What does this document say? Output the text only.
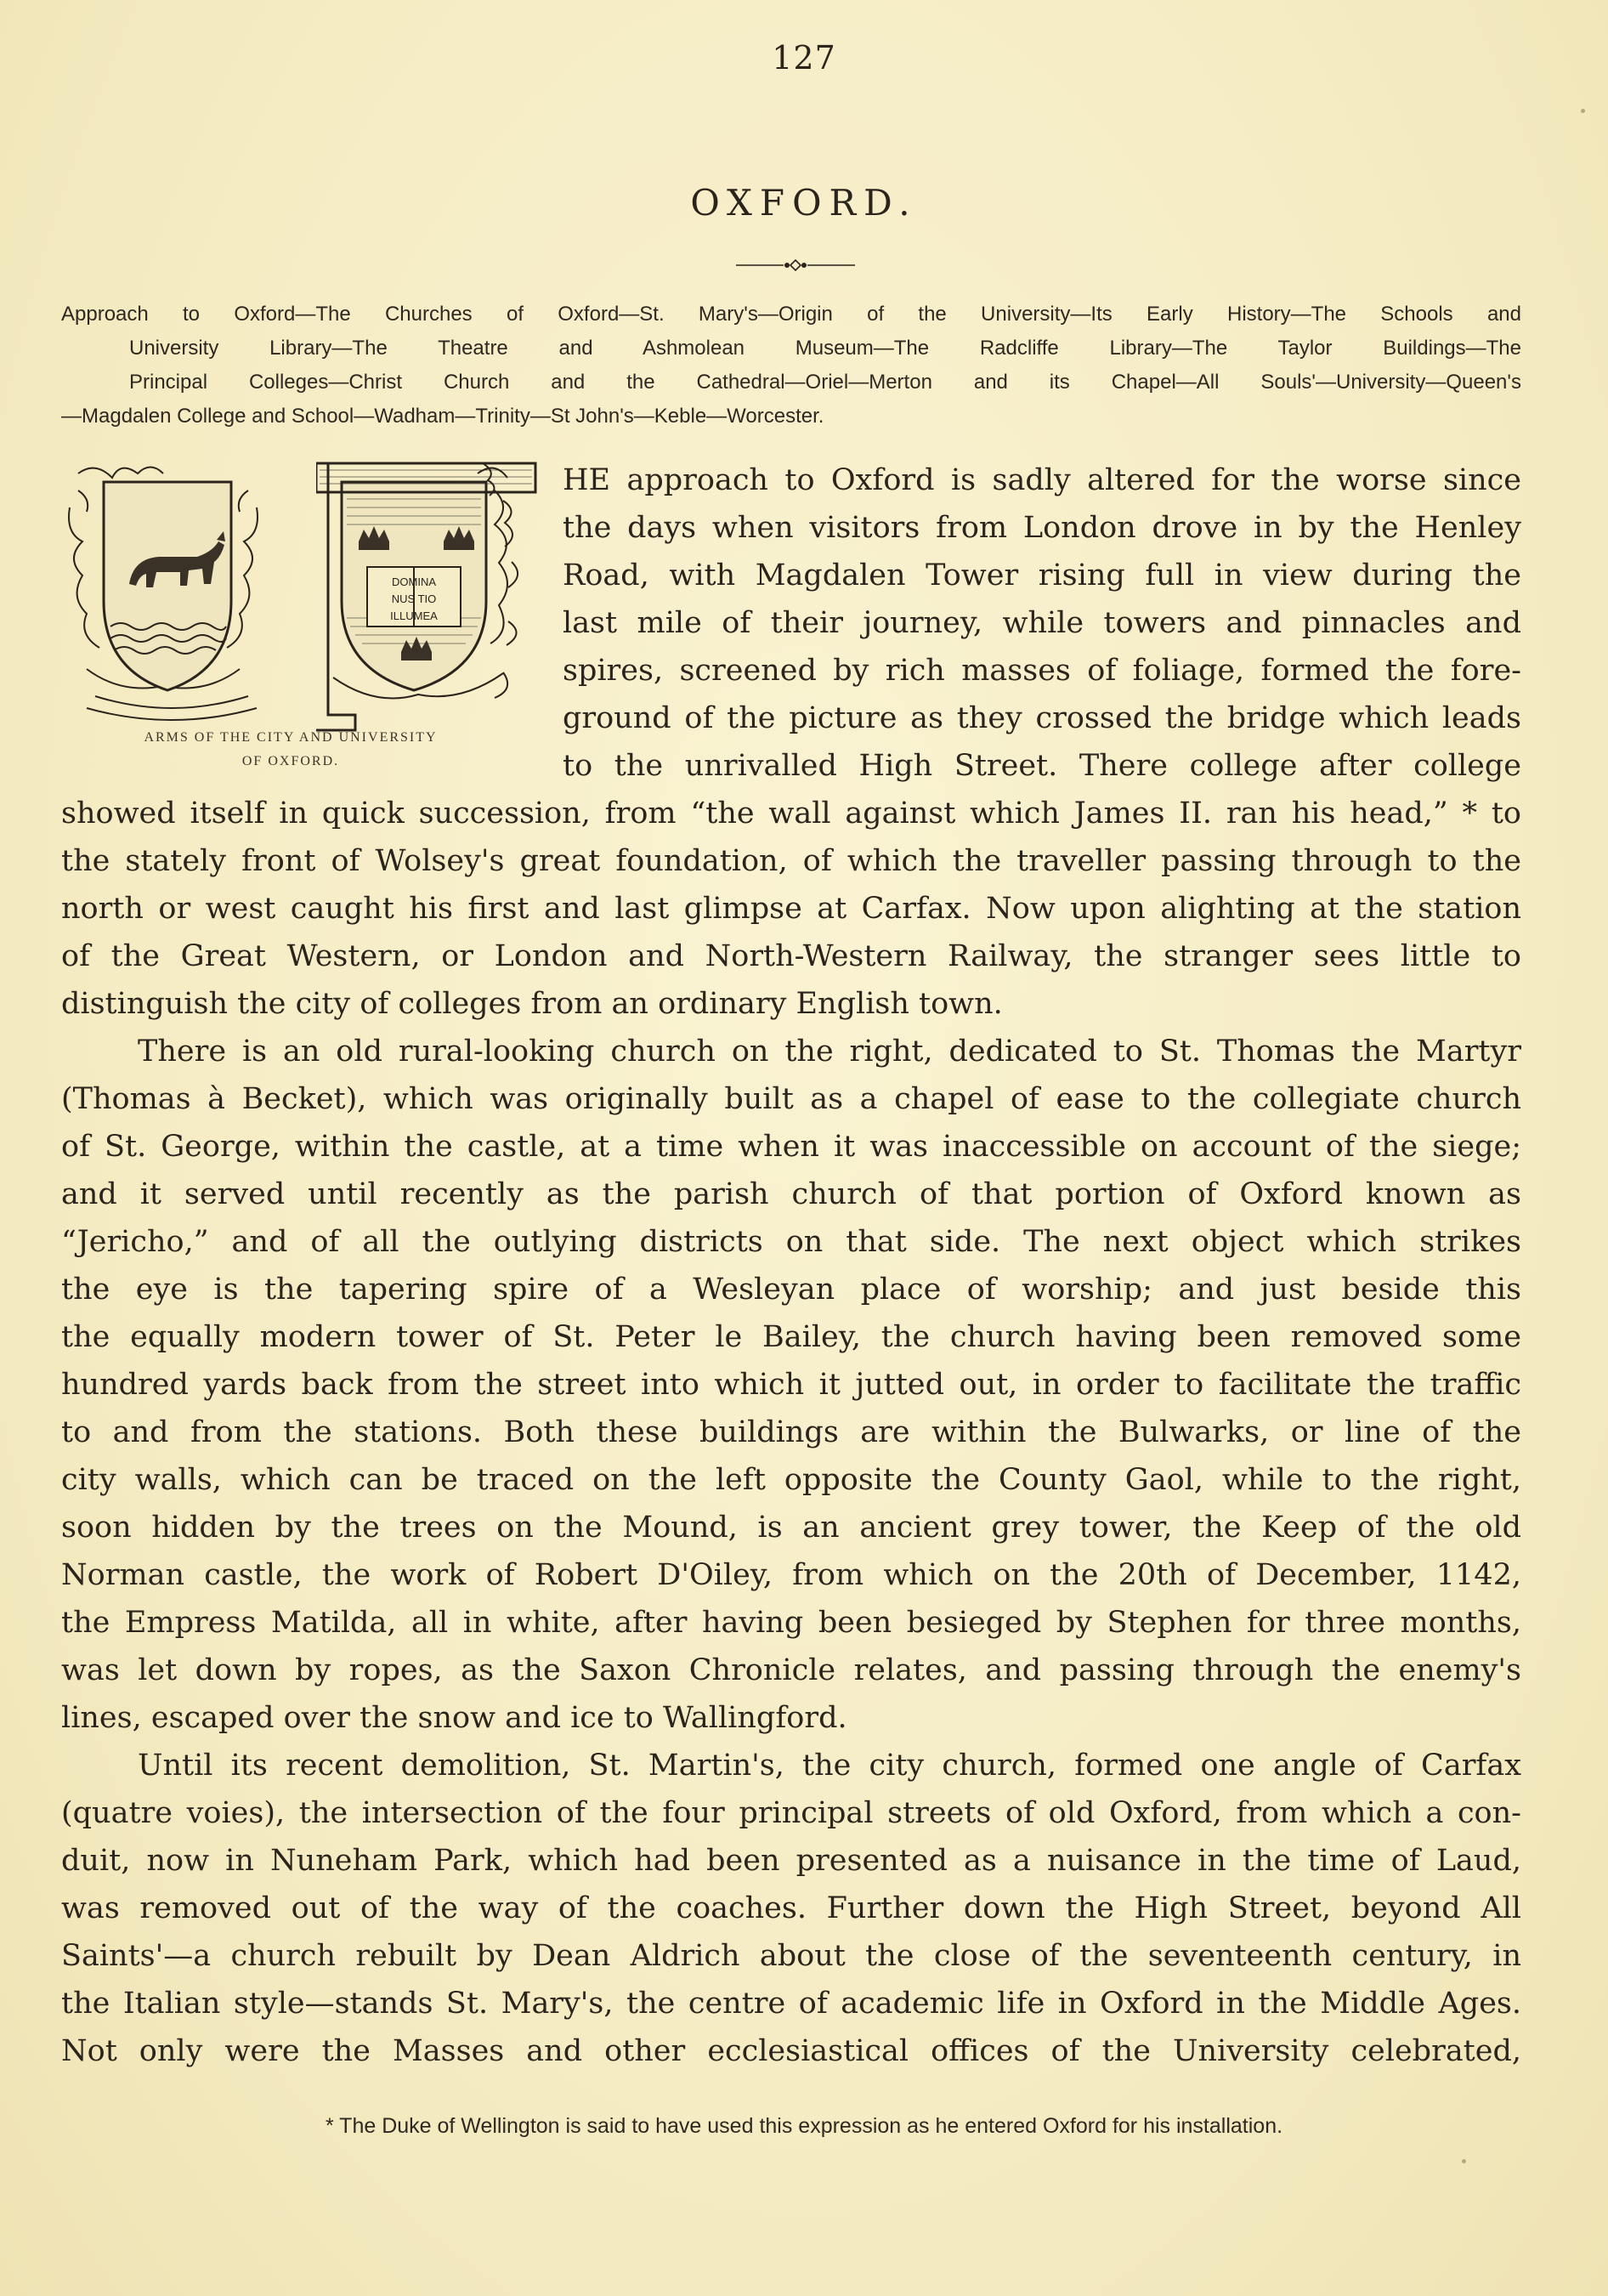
127
OXFORD.
Approach to Oxford—The Churches of Oxford—St. Mary's—Origin of the University—Its Early History—The Schools and
University Library—The Theatre and Ashmolean Museum—The Radcliffe Library—The Taylor Buildings—The
Principal Colleges—Christ Church and the Cathedral—Oriel—Merton and its Chapel—All Souls'—University—Queen's
—Magdalen College and School—Wadham—Trinity—St John's—Keble—Worcester.
DOMINA
NUS TIO
ILLUMEA
ARMS OF THE CITY AND UNIVERSITY
OF OXFORD.
HE approach to Oxford is sadly altered for the worse since
the days when visitors from London drove in by the Henley
Road, with Magdalen Tower rising full in view during the
last mile of their journey, while towers and pinnacles and
spires, screened by rich masses of foliage, formed the fore-
ground of the picture as they crossed the bridge which leads
to the unrivalled High Street. There college after college
showed itself in quick succession, from “the wall against which James II. ran his head,” * to
the stately front of Wolsey's great foundation, of which the traveller passing through to the
north or west caught his first and last glimpse at Carfax. Now upon alighting at the station
of the Great Western, or London and North-Western Railway, the stranger sees little to
distinguish the city of colleges from an ordinary English town.
There is an old rural-looking church on the right, dedicated to St. Thomas the Martyr
(Thomas à Becket), which was originally built as a chapel of ease to the collegiate church
of St. George, within the castle, at a time when it was inaccessible on account of the siege;
and it served until recently as the parish church of that portion of Oxford known as
“Jericho,” and of all the outlying districts on that side. The next object which strikes
the eye is the tapering spire of a Wesleyan place of worship; and just beside this
the equally modern tower of St. Peter le Bailey, the church having been removed some
hundred yards back from the street into which it jutted out, in order to facilitate the traffic
to and from the stations. Both these buildings are within the Bulwarks, or line of the
city walls, which can be traced on the left opposite the County Gaol, while to the right,
soon hidden by the trees on the Mound, is an ancient grey tower, the Keep of the old
Norman castle, the work of Robert D'Oiley, from which on the 20th of December, 1142,
the Empress Matilda, all in white, after having been besieged by Stephen for three months,
was let down by ropes, as the Saxon Chronicle relates, and passing through the enemy's
lines, escaped over the snow and ice to Wallingford.
Until its recent demolition, St. Martin's, the city church, formed one angle of Carfax
(quatre voies), the intersection of the four principal streets of old Oxford, from which a con-
duit, now in Nuneham Park, which had been presented as a nuisance in the time of Laud,
was removed out of the way of the coaches. Further down the High Street, beyond All
Saints'—a church rebuilt by Dean Aldrich about the close of the seventeenth century, in
the Italian style—stands St. Mary's, the centre of academic life in Oxford in the Middle Ages.
Not only were the Masses and other ecclesiastical offices of the University celebrated,
* The Duke of Wellington is said to have used this expression as he entered Oxford for his installation.
